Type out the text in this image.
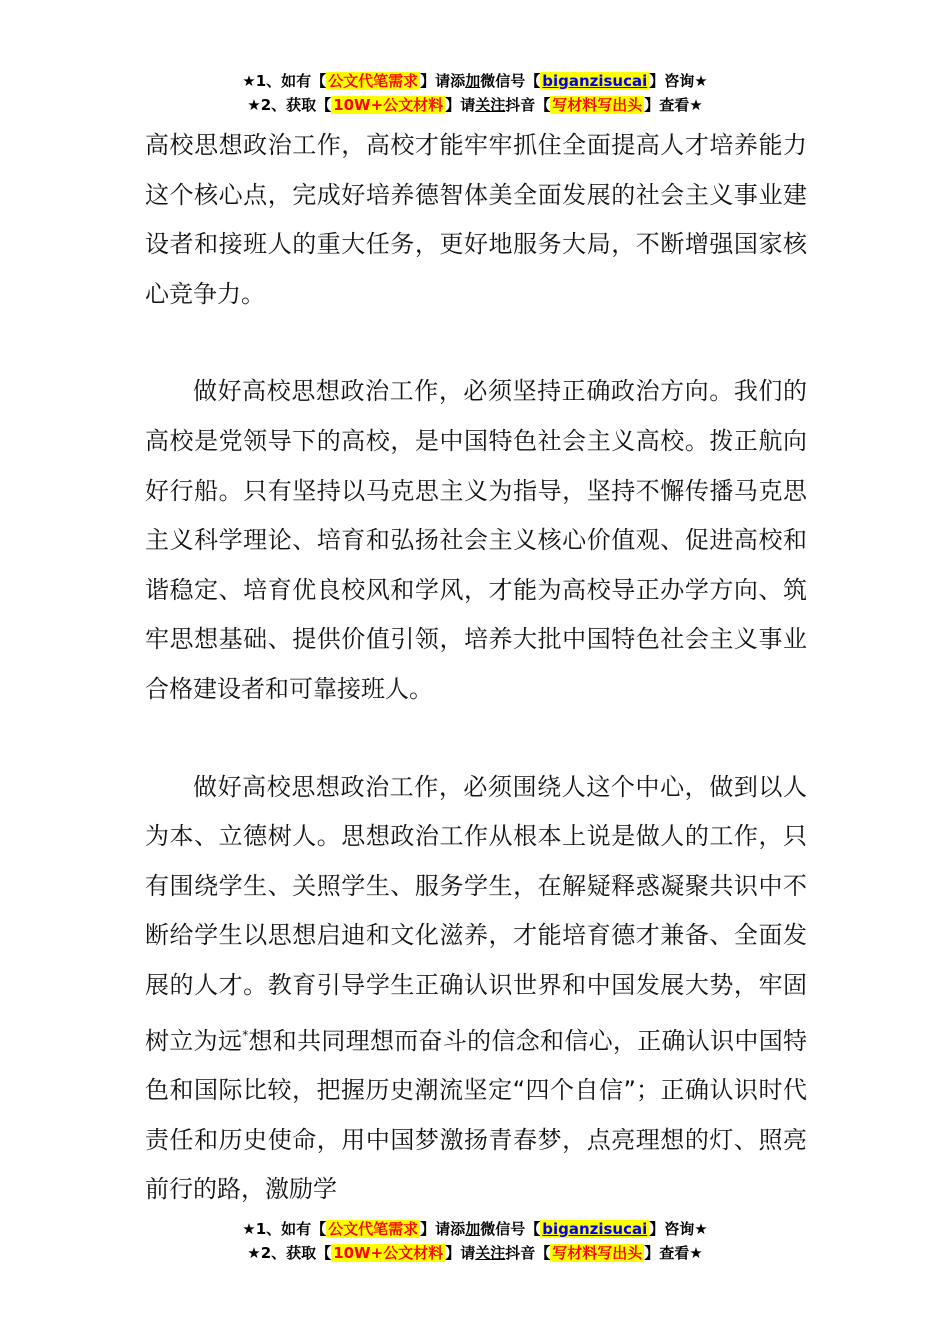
★1、如有【 公文代笔需求 】请添加微信号【 biganzisucai 】咨询★
★2、获取【 10W+公文材料 】请关注抖音【 写材料写出头 】查看★

高校思想政治工作，高校才能牢牢抓住全面提高人才培养能力这个核心点，完成好培养德智体美全面发展的社会主义事业建设者和接班人的重大任务，更好地服务大局，不断增强国家核心竞争力。

做好高校思想政治工作，必须坚持正确政治方向。我们的高校是党领导下的高校，是中国特色社会主义高校。拨正航向好行船。只有坚持以马克思主义为指导，坚持不懈传播马克思主义科学理论、培育和弘扬社会主义核心价值观、促进高校和谐稳定、培育优良校风和学风，才能为高校导正办学方向、筑牢思想基础、提供价值引领，培养大批中国特色社会主义事业合格建设者和可靠接班人。

做好高校思想政治工作，必须围绕人这个中心，做到以人为本、立德树人。思想政治工作从根本上说是做人的工作，只有围绕学生、关照学生、服务学生，在解疑释惑凝聚共识中不断给学生以思想启迪和文化滋养，才能培育德才兼备、全面发展的人才。教育引导学生正确认识世界和中国发展大势，牢固树立为远*想和共同理想而奋斗的信念和信心，正确认识中国特色和国际比较，把握历史潮流坚定“四个自信”；正确认识时代责任和历史使命，用中国梦激扬青春梦，点亮理想的灯、照亮前行的路，激励学

★1、如有【 公文代笔需求 】请添加微信号【 biganzisucai 】咨询★
★2、获取【 10W+公文材料 】请关注抖音【 写材料写出头 】查看★
